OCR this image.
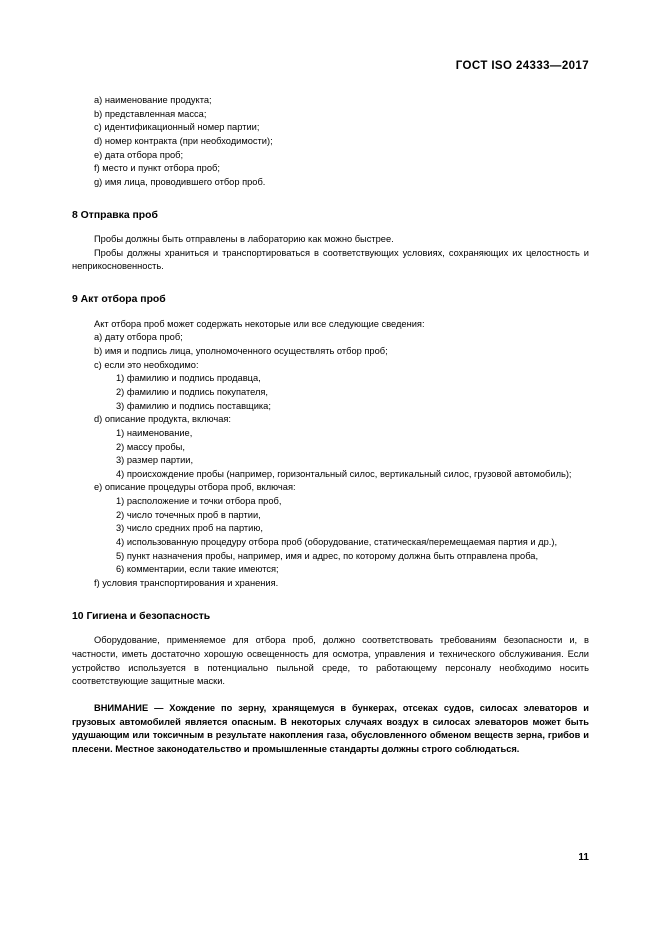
ГОСТ ISO 24333—2017

a) наименование продукта;

b) представленная масса;

c) идентификационный номер партии;

d) номер контракта (при необходимости);

e) дата отбора проб;

f) место и пункт отбора проб;

g) имя лица, проводившего отбор проб.

8 Отправка проб

Пробы должны быть отправлены в лабораторию как можно быстрее.

Пробы должны храниться и транспортироваться в соответствующих условиях, сохраняющих их целостность и неприкосновенность.

9 Акт отбора проб

Акт отбора проб может содержать некоторые или все следующие сведения:

a) дату отбора проб;

b) имя и подпись лица, уполномоченного осуществлять отбор проб;

c) если это необходимо:

1) фамилию и подпись продавца,

2) фамилию и подпись покупателя,

3) фамилию и подпись поставщика;

d) описание продукта, включая:

1) наименование,

2) массу пробы,

3) размер партии,

4) происхождение пробы (например, горизонтальный силос, вертикальный силос, грузовой автомобиль);

e) описание процедуры отбора проб, включая:

1) расположение и точки отбора проб,

2) число точечных проб в партии,

3) число средних проб на партию,

4) использованную процедуру отбора проб (оборудование, статическая/перемещаемая партия и др.),

5) пункт назначения пробы, например, имя и адрес, по которому должна быть отправлена проба,

6) комментарии, если такие имеются;

f) условия транспортирования и хранения.

10 Гигиена и безопасность

Оборудование, применяемое для отбора проб, должно соответствовать требованиям безопасности и, в частности, иметь достаточно хорошую освещенность для осмотра, управления и технического обслуживания. Если устройство используется в потенциально пыльной среде, то работающему персоналу необходимо носить соответствующие защитные маски.

ВНИМАНИЕ — Хождение по зерну, хранящемуся в бункерах, отсеках судов, силосах элеваторов и грузовых автомобилей является опасным. В некоторых случаях воздух в силосах элеваторов может быть удушающим или токсичным в результате накопления газа, обусловленного обменом веществ зерна, грибов и плесени. Местное законодательство и промышленные стандарты должны строго соблюдаться.

11
